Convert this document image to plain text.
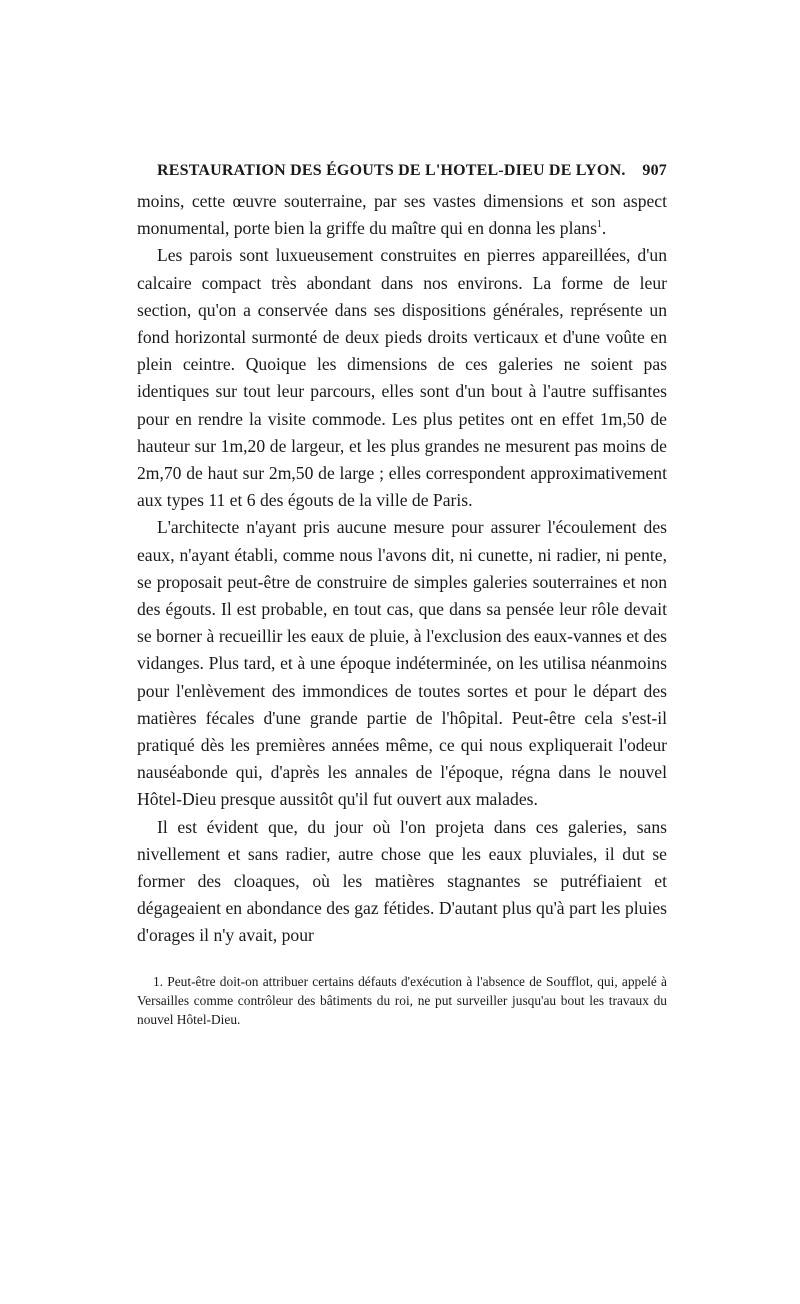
RESTAURATION DES ÉGOUTS DE L'HOTEL-DIEU DE LYON. 907

moins, cette œuvre souterraine, par ses vastes dimensions et son aspect monumental, porte bien la griffe du maître qui en donna les plans$^1$.

Les parois sont luxueusement construites en pierres appareillées, d'un calcaire compact très abondant dans nos environs. La forme de leur section, qu'on a conservée dans ses dispositions générales, représente un fond horizontal surmonté de deux pieds droits verticaux et d'une voûte en plein ceintre. Quoique les dimensions de ces galeries ne soient pas identiques sur tout leur parcours, elles sont d'un bout à l'autre suffisantes pour en rendre la visite commode. Les plus petites ont en effet 1m,50 de hauteur sur 1m,20 de largeur, et les plus grandes ne mesurent pas moins de 2m,70 de haut sur 2m,50 de large ; elles correspondent approximativement aux types 11 et 6 des égouts de la ville de Paris.

L'architecte n'ayant pris aucune mesure pour assurer l'écoulement des eaux, n'ayant établi, comme nous l'avons dit, ni cunette, ni radier, ni pente, se proposait peut-être de construire de simples galeries souterraines et non des égouts. Il est probable, en tout cas, que dans sa pensée leur rôle devait se borner à recueillir les eaux de pluie, à l'exclusion des eaux-vannes et des vidanges. Plus tard, et à une époque indéterminée, on les utilisa néanmoins pour l'enlèvement des immondices de toutes sortes et pour le départ des matières fécales d'une grande partie de l'hôpital. Peut-être cela s'est-il pratiqué dès les premières années même, ce qui nous expliquerait l'odeur nauséabonde qui, d'après les annales de l'époque, régna dans le nouvel Hôtel-Dieu presque aussitôt qu'il fut ouvert aux malades.

Il est évident que, du jour où l'on projeta dans ces galeries, sans nivellement et sans radier, autre chose que les eaux pluviales, il dut se former des cloaques, où les matières stagnantes se putréfiaient et dégageaient en abondance des gaz fétides. D'autant plus qu'à part les pluies d'orages il n'y avait, pour

1. Peut-être doit-on attribuer certains défauts d'exécution à l'absence de Soufflot, qui, appelé à Versailles comme contrôleur des bâtiments du roi, ne put surveiller jusqu'au bout les travaux du nouvel Hôtel-Dieu.
